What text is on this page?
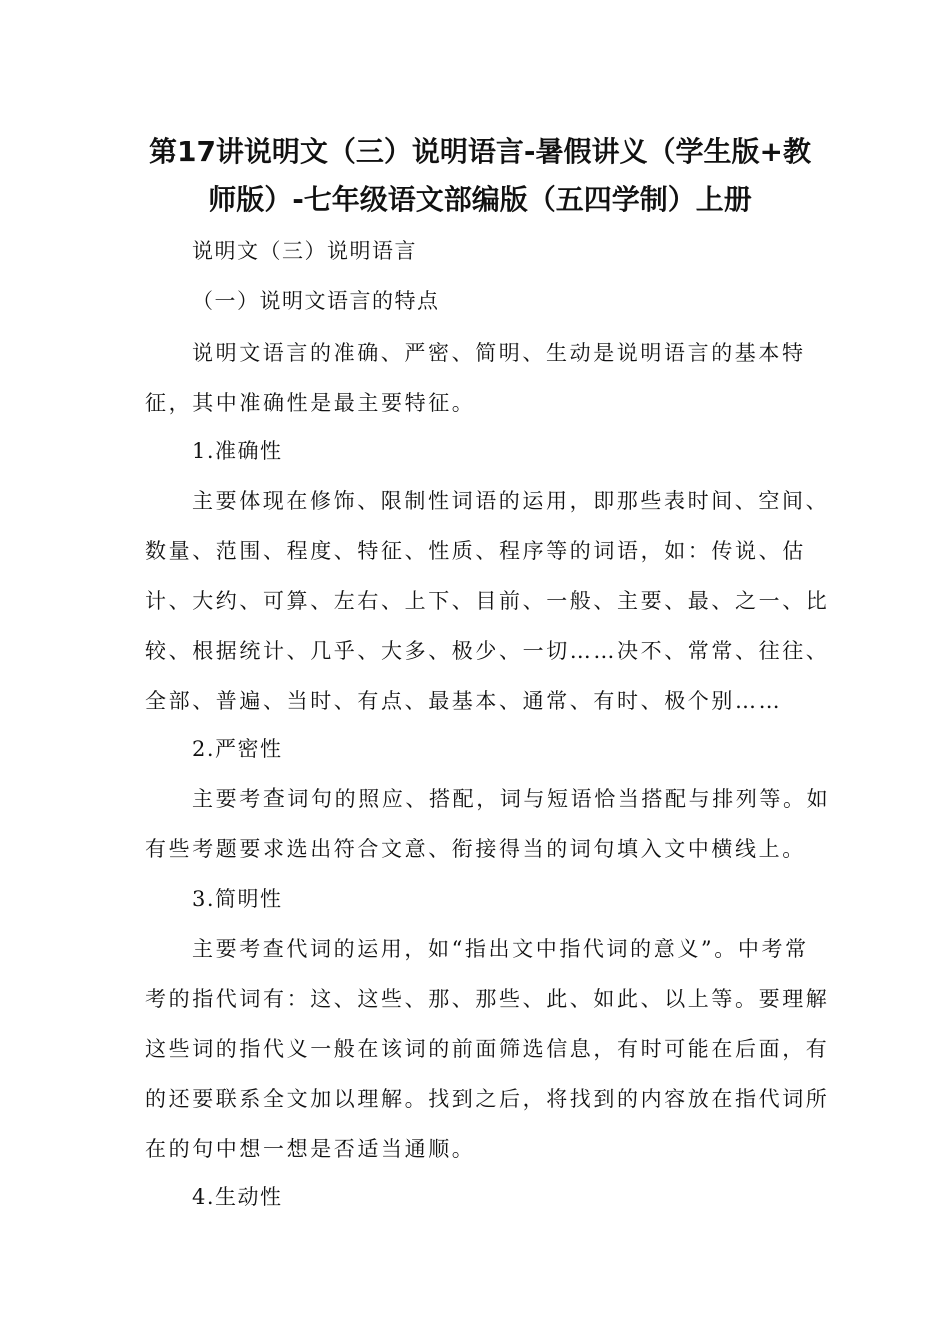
第17讲说明文（三）说明语言-暑假讲义（学生版+教
师版）-七年级语文部编版（五四学制）上册

说明文（三）说明语言

（一）说明文语言的特点

说明文语言的准确、严密、简明、生动是说明语言的基本特
征，其中准确性是最主要特征。

1.准确性

主要体现在修饰、限制性词语的运用，即那些表时间、空间、
数量、范围、程度、特征、性质、程序等的词语，如：传说、估
计、大约、可算、左右、上下、目前、一般、主要、最、之一、比
较、根据统计、几乎、大多、极少、一切……决不、常常、往往、
全部、普遍、当时、有点、最基本、通常、有时、极个别……

2.严密性

主要考查词句的照应、搭配，词与短语恰当搭配与排列等。如
有些考题要求选出符合文意、衔接得当的词句填入文中横线上。

3.简明性

主要考查代词的运用，如“指出文中指代词的意义”。中考常
考的指代词有：这、这些、那、那些、此、如此、以上等。要理解
这些词的指代义一般在该词的前面筛选信息，有时可能在后面，有
的还要联系全文加以理解。找到之后，将找到的内容放在指代词所
在的句中想一想是否适当通顺。

4.生动性
